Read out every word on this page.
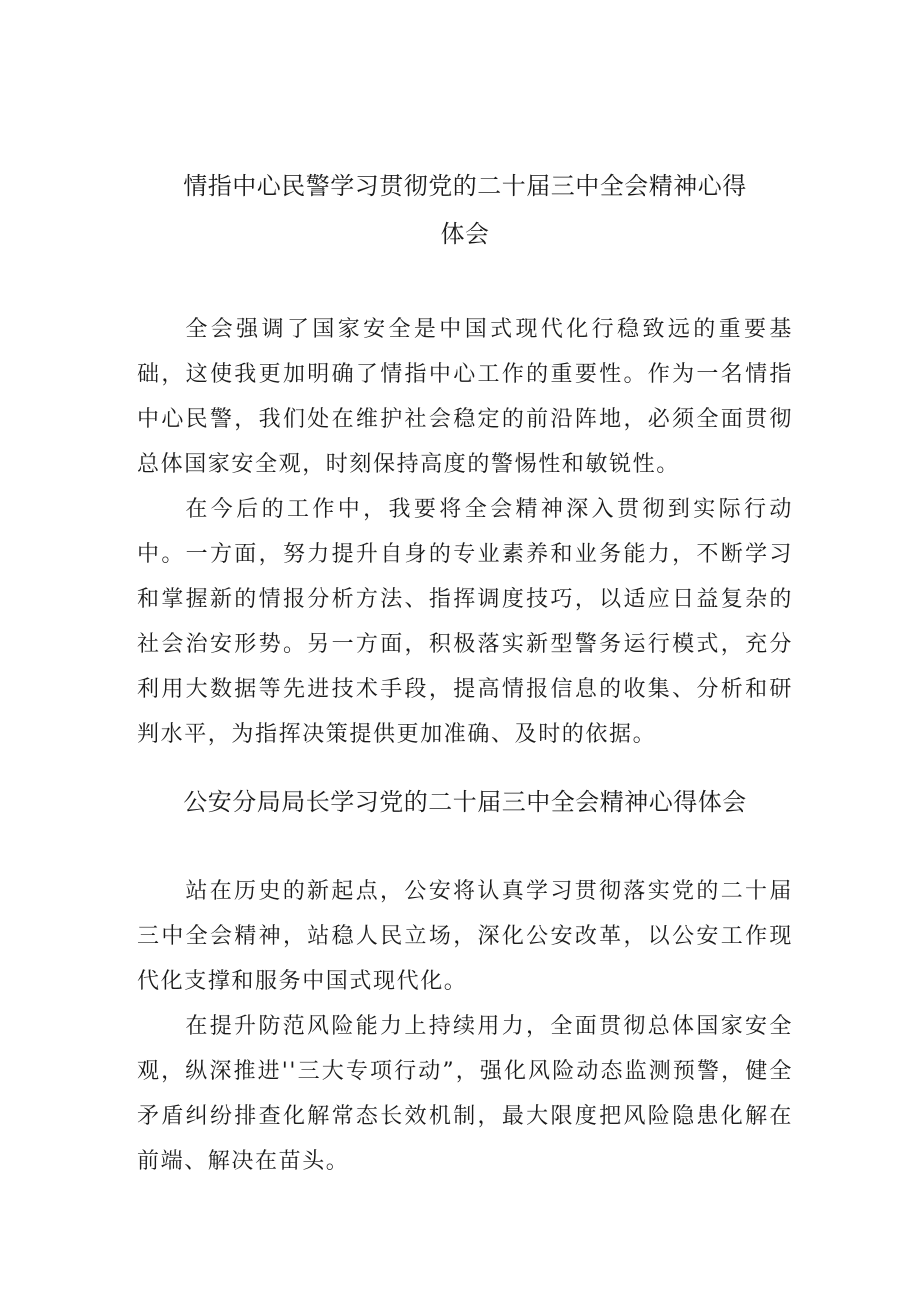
情指中心民警学习贯彻党的二十届三中全会精神心得
体会

全会强调了国家安全是中国式现代化行稳致远的重要基础，这使我更加明确了情指中心工作的重要性。作为一名情指中心民警，我们处在维护社会稳定的前沿阵地，必须全面贯彻总体国家安全观，时刻保持高度的警惕性和敏锐性。

在今后的工作中，我要将全会精神深入贯彻到实际行动中。一方面，努力提升自身的专业素养和业务能力，不断学习和掌握新的情报分析方法、指挥调度技巧，以适应日益复杂的社会治安形势。另一方面，积极落实新型警务运行模式，充分利用大数据等先进技术手段，提高情报信息的收集、分析和研判水平，为指挥决策提供更加准确、及时的依据。

公安分局局长学习党的二十届三中全会精神心得体会

站在历史的新起点，公安将认真学习贯彻落实党的二十届三中全会精神，站稳人民立场，深化公安改革，以公安工作现代化支撑和服务中国式现代化。

在提升防范风险能力上持续用力，全面贯彻总体国家安全观，纵深推进''三大专项行动”，强化风险动态监测预警，健全矛盾纠纷排查化解常态长效机制，最大限度把风险隐患化解在前端、解决在苗头。
